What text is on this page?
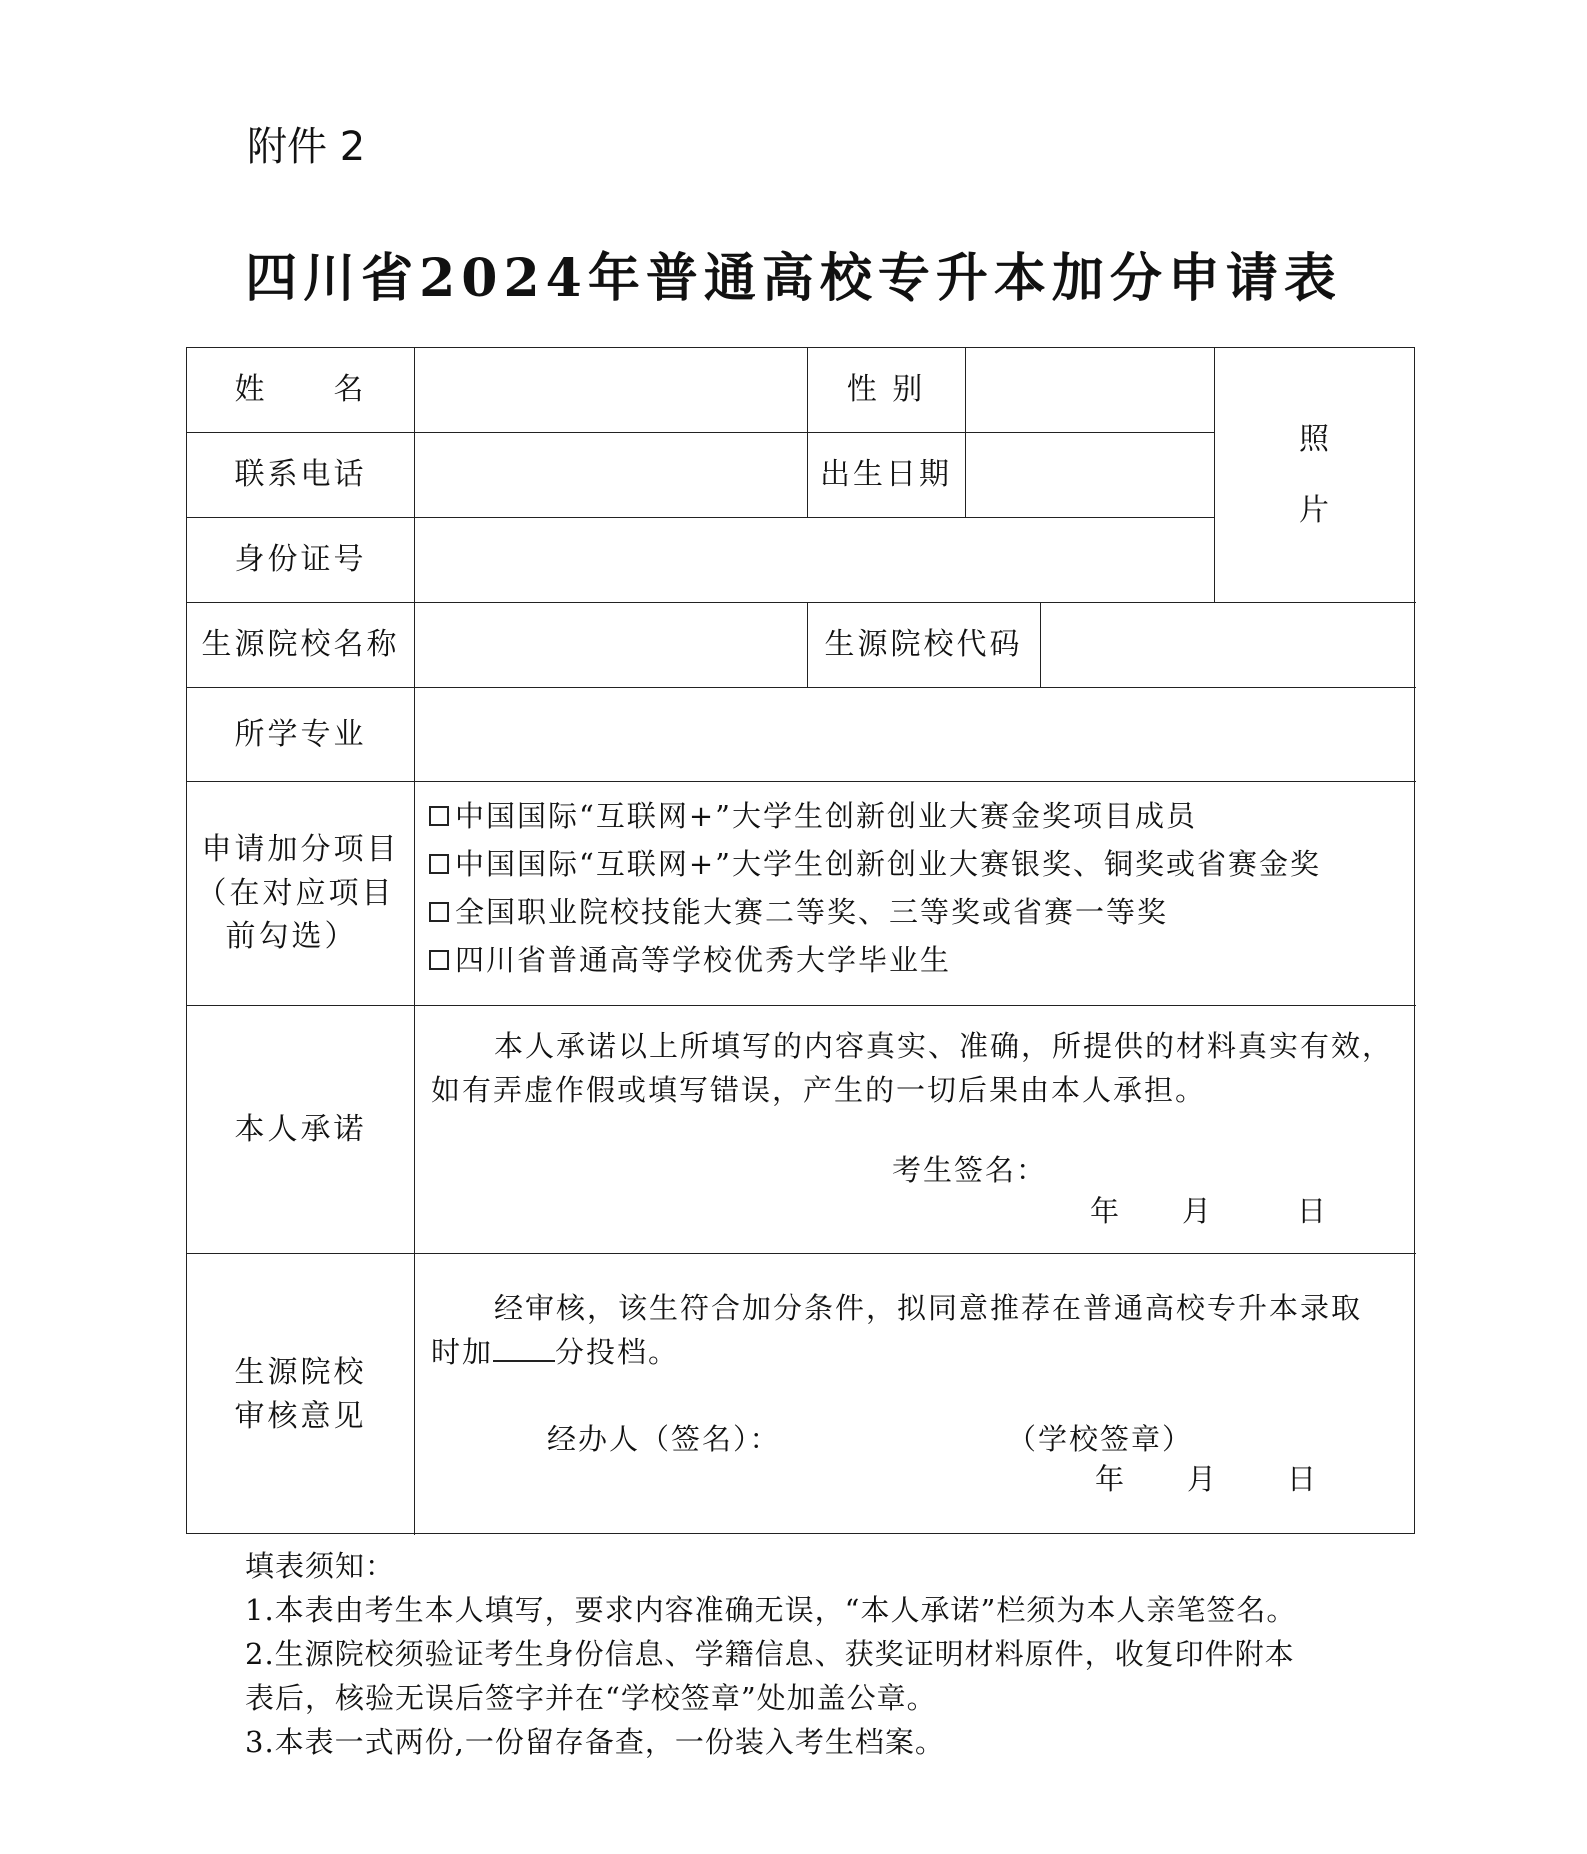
附件 2
四川省2024年普通高校专升本加分申请表
姓　　名	性 别
照
片
联系电话	出生日期
身份证号
生源院校名称	生源院校代码
所学专业
申请加分项目
（在对应项目
前勾选）
中国国际“互联网+”大学生创新创业大赛金奖项目成员
中国国际“互联网+”大学生创新创业大赛银奖、铜奖或省赛金奖
全国职业院校技能大赛二等奖、三等奖或省赛一等奖
四川省普通高等学校优秀大学毕业生
本人承诺
本人承诺以上所填写的内容真实、准确，所提供的材料真实有效，
如有弄虚作假或填写错误，产生的一切后果由本人承担。
考生签名：
年 月	日
生源院校
审核意见
经审核，该生符合加分条件，拟同意推荐在普通高校专升本录取
时加 分投档。
经办人（签名）：	（学校签章）
年 月 日
填表须知：
1.本表由考生本人填写，要求内容准确无误，“本人承诺”栏须为本人亲笔签名。
2.生源院校须验证考生身份信息、学籍信息、获奖证明材料原件，收复印件附本
表后，核验无误后签字并在“学校签章”处加盖公章。
3.本表一式两份,一份留存备查，一份装入考生档案。
